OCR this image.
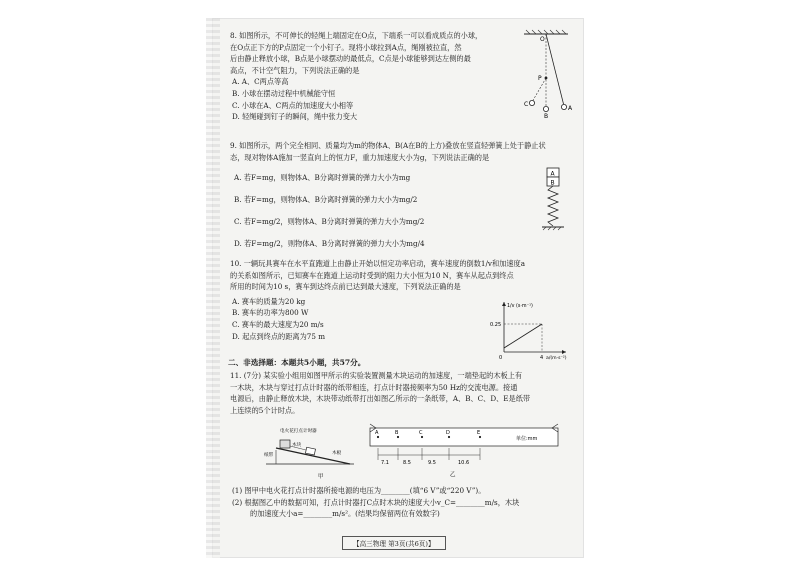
8. 如图所示，不可伸长的轻绳上端固定在O点，下端系一可以看成质点的小球，
在O点正下方的P点固定一个小钉子。现将小球拉到A点，绳刚被拉直，然
后由静止释放小球，B点是小球摆动的最低点，C点是小球能够到达左侧的最
高点，不计空气阻力，下列说法正确的是
A. A、C两点等高
B. 小球在摆动过程中机械能守恒
C. 小球在A、C两点的加速度大小相等
D. 轻绳碰到钉子的瞬间，绳中张力变大
O
P
A
B
C
9. 如图所示，两个完全相同、质量均为m的物体A、B(A在B的上方)叠放在竖直轻弹簧上处于静止状
态，现对物体A施加一竖直向上的恒力F，重力加速度大小为g，下列说法正确的是
A. 若F=mg，则物体A、B分离时弹簧的弹力大小为mg
B. 若F=mg，则物体A、B分离时弹簧的弹力大小为mg/2
C. 若F=mg/2，则物体A、B分离时弹簧的弹力大小为mg/2
D. 若F=mg/2，则物体A、B分离时弹簧的弹力大小为mg/4
A
B
10. 一辆玩具赛车在水平直跑道上由静止开始以恒定功率启动，赛车速度的倒数1/v和加速度a
的关系如图所示，已知赛车在跑道上运动时受到的阻力大小恒为10 N，赛车从起点到终点
所用的时间为10 s，赛车到达终点前已达到最大速度，下列说法正确的是
A. 赛车的质量为20 kg
B. 赛车的功率为800 W
C. 赛车的最大速度为20 m/s
D. 起点到终点的距离为75 m
1/v (s·m⁻¹)
0.25
4
0	a/(m·s⁻²)
二、非选择题：本题共5小题，共57分。
11. (7分) 某实验小组用如图甲所示的实验装置测量木块运动的加速度，一端垫起的木板上有
一木块，木块与穿过打点计时器的纸带相连，打点计时器接频率为50 Hz的交流电源。接通
电源后，由静止释放木块，木块带动纸带打出如图乙所示的一条纸带，A、B、C、D、E是纸带
上连续的5个计时点。
电火花打点计时器
纸带
木块
木板
甲
A	B	C	D	E
7.1	8.5	9.5	10.6
单位:mm
乙
(1) 图甲中电火花打点计时器所接电源的电压为________(填“6 V”或“220 V”)。
(2) 根据图乙中的数据可知，打点计时器打C点时木块的速度大小v_C=________m/s，木块
的加速度大小a=________m/s²。(结果均保留两位有效数字)
【高三物理 第3页(共6页)】
